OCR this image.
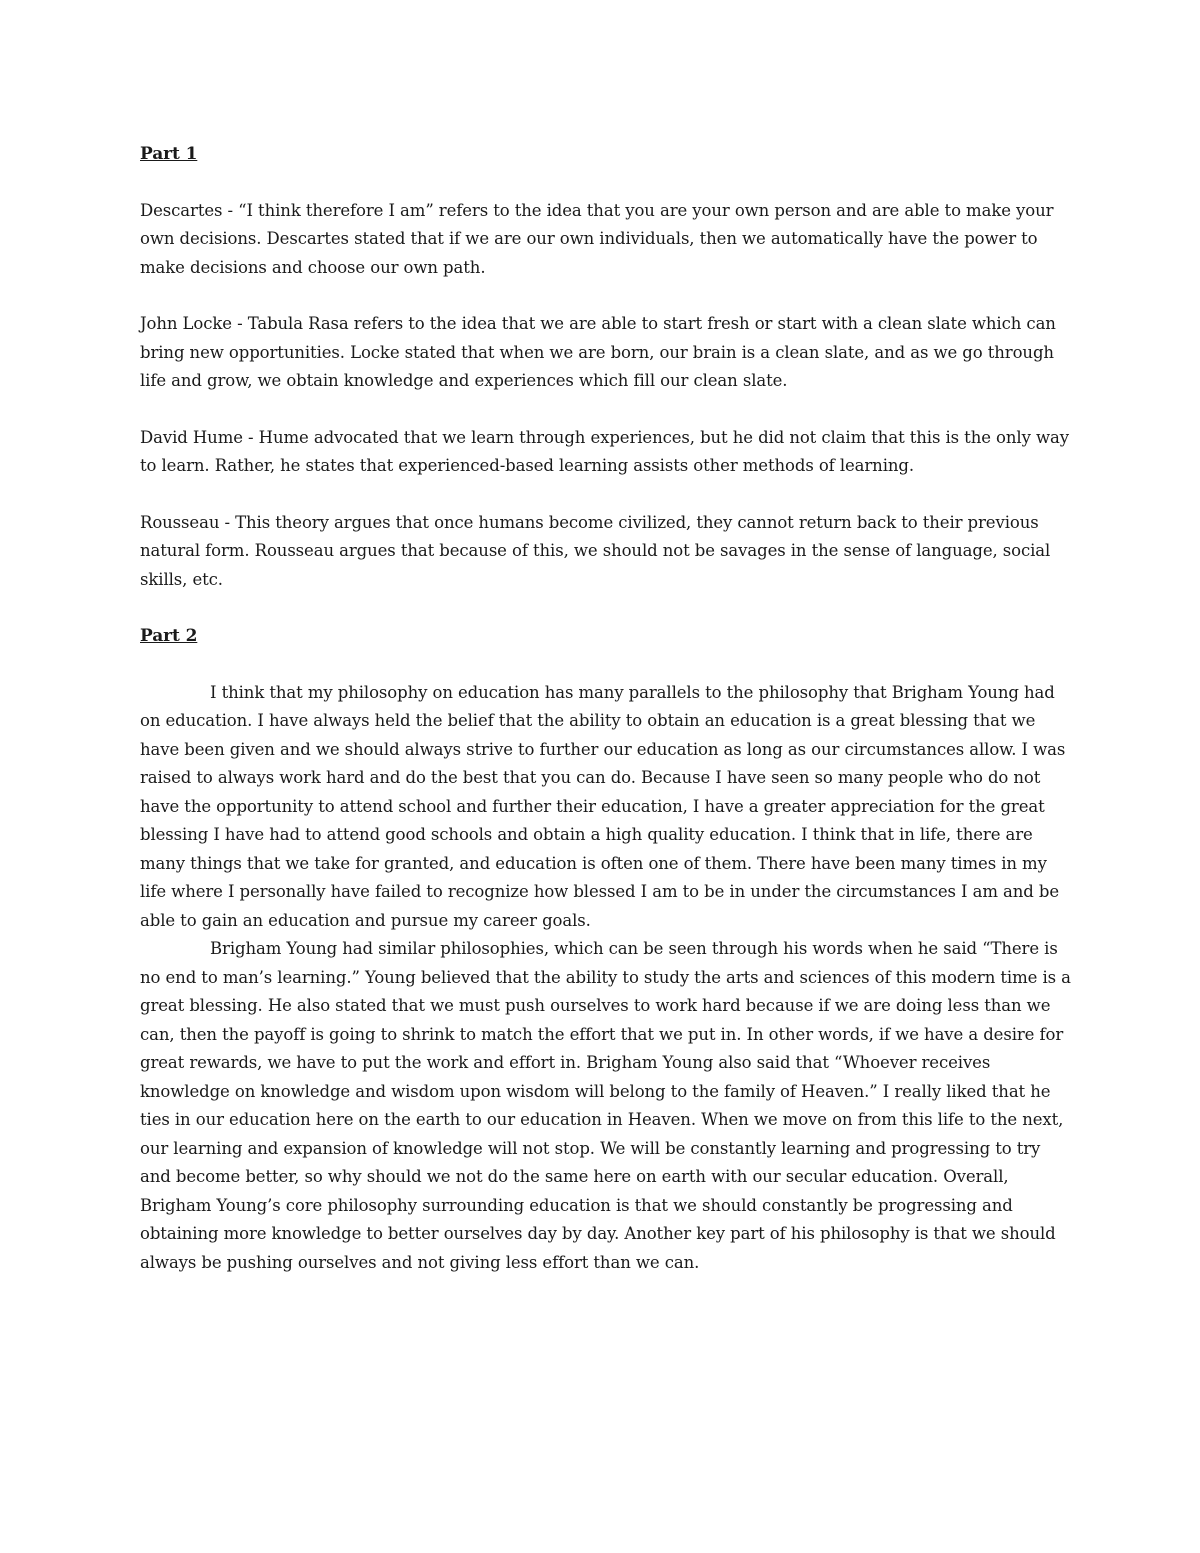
Part 1

Descartes - “I think therefore I am” refers to the idea that you are your own person and are able to make your own decisions. Descartes stated that if we are our own individuals, then we automatically have the power to make decisions and choose our own path.

John Locke - Tabula Rasa refers to the idea that we are able to start fresh or start with a clean slate which can bring new opportunities. Locke stated that when we are born, our brain is a clean slate, and as we go through life and grow, we obtain knowledge and experiences which fill our clean slate.

David Hume - Hume advocated that we learn through experiences, but he did not claim that this is the only way to learn. Rather, he states that experienced-based learning assists other methods of learning.

Rousseau - This theory argues that once humans become civilized, they cannot return back to their previous natural form. Rousseau argues that because of this, we should not be savages in the sense of language, social skills, etc.

Part 2

I think that my philosophy on education has many parallels to the philosophy that Brigham Young had on education. I have always held the belief that the ability to obtain an education is a great blessing that we have been given and we should always strive to further our education as long as our circumstances allow. I was raised to always work hard and do the best that you can do. Because I have seen so many people who do not have the opportunity to attend school and further their education, I have a greater appreciation for the great blessing I have had to attend good schools and obtain a high quality education. I think that in life, there are many things that we take for granted, and education is often one of them. There have been many times in my life where I personally have failed to recognize how blessed I am to be in under the circumstances I am and be able to gain an education and pursue my career goals.

Brigham Young had similar philosophies, which can be seen through his words when he said “There is no end to man’s learning.” Young believed that the ability to study the arts and sciences of this modern time is a great blessing. He also stated that we must push ourselves to work hard because if we are doing less than we can, then the payoff is going to shrink to match the effort that we put in. In other words, if we have a desire for great rewards, we have to put the work and effort in. Brigham Young also said that “Whoever receives knowledge on knowledge and wisdom upon wisdom will belong to the family of Heaven.” I really liked that he ties in our education here on the earth to our education in Heaven. When we move on from this life to the next, our learning and expansion of knowledge will not stop. We will be constantly learning and progressing to try and become better, so why should we not do the same here on earth with our secular education. Overall, Brigham Young’s core philosophy surrounding education is that we should constantly be progressing and obtaining more knowledge to better ourselves day by day. Another key part of his philosophy is that we should always be pushing ourselves and not giving less effort than we can.
